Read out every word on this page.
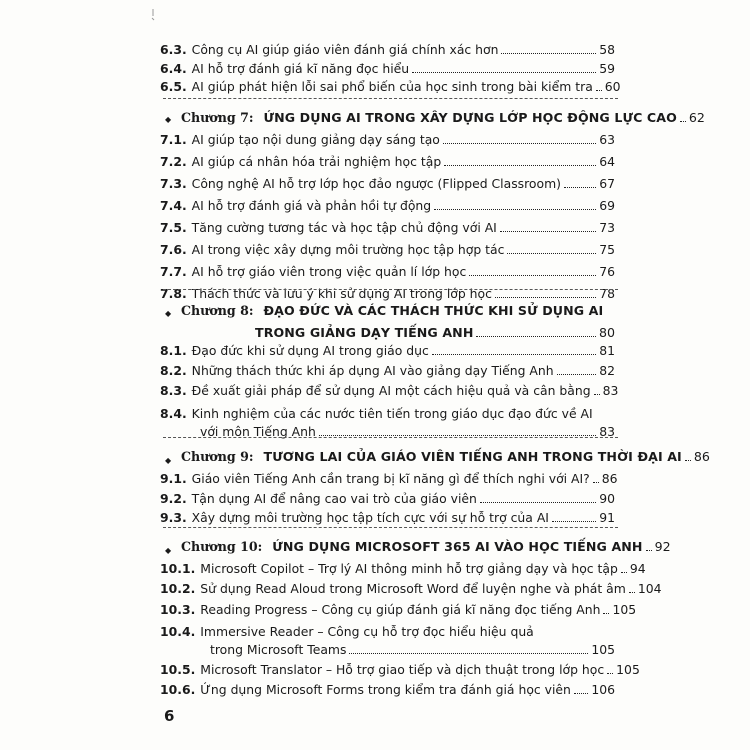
6.3. Công cụ AI giúp giáo viên đánh giá chính xác hơn	58
6.4. AI hỗ trợ đánh giá kĩ năng đọc hiểu	59
6.5. AI giúp phát hiện lỗi sai phổ biến của học sinh trong bài kiểm tra 60
◆ Chương 7: ỨNG DỤNG AI TRONG XÂY DỰNG LỚP HỌC ĐỘNG LỰC CAO 62
7.1. AI giúp tạo nội dung giảng dạy sáng tạo	63
7.2. AI giúp cá nhân hóa trải nghiệm học tập	64
7.3. Công nghệ AI hỗ trợ lớp học đảo ngược (Flipped Classroom)	67
7.4. AI hỗ trợ đánh giá và phản hồi tự động	69
7.5. Tăng cường tương tác và học tập chủ động với AI	73
7.6. AI trong việc xây dựng môi trường học tập hợp tác	75
7.7. AI hỗ trợ giáo viên trong việc quản lí lớp học	76
7.8. Thách thức và lưu ý khi sử dụng AI trong lớp học	78
◆ Chương 8: ĐẠO ĐỨC VÀ CÁC THÁCH THỨC KHI SỬ DỤNG AI
TRONG GIẢNG DẠY TIẾNG ANH	80
8.1. Đạo đức khi sử dụng AI trong giáo dục	81
8.2. Những thách thức khi áp dụng AI vào giảng dạy Tiếng Anh	82
8.3. Đề xuất giải pháp để sử dụng AI một cách hiệu quả và cân bằng 83
8.4. Kinh nghiệm của các nước tiên tiến trong giáo dục đạo đức về AI
với môn Tiếng Anh	83
◆ Chương 9: TƯƠNG LAI CỦA GIÁO VIÊN TIẾNG ANH TRONG THỜI ĐẠI AI 86
9.1. Giáo viên Tiếng Anh cần trang bị kĩ năng gì để thích nghi với AI? 86
9.2. Tận dụng AI để nâng cao vai trò của giáo viên	90
9.3. Xây dựng môi trường học tập tích cực với sự hỗ trợ của AI	91
◆ Chương 10: ỨNG DỤNG MICROSOFT 365 AI VÀO HỌC TIẾNG ANH 92
10.1. Microsoft Copilot – Trợ lý AI thông minh hỗ trợ giảng dạy và học tập 94
10.2. Sử dụng Read Aloud trong Microsoft Word để luyện nghe và phát âm 104
10.3. Reading Progress – Công cụ giúp đánh giá kĩ năng đọc tiếng Anh 105
10.4. Immersive Reader – Công cụ hỗ trợ đọc hiểu hiệu quả
trong Microsoft Teams	105
10.5. Microsoft Translator – Hỗ trợ giao tiếp và dịch thuật trong lớp học 105
10.6. Ứng dụng Microsoft Forms trong kiểm tra đánh giá học viên 106
6
